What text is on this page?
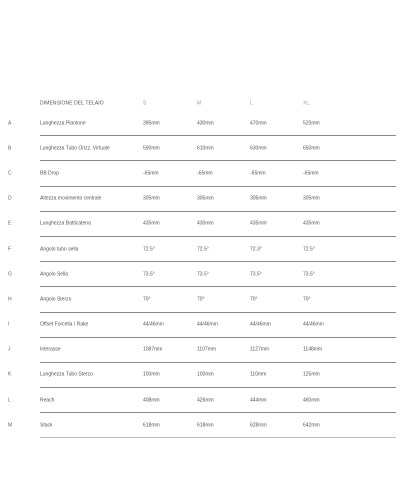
DIMENSIONE DEL TELAIO	S	M	L	XL
A	Lunghezza Piantone	395mm	430mm	470mm	520mm
B	Lunghezza Tubo Orizz. Virtuale	590mm	610mm	630mm	650mm
C	BB Drop	-65mm	-65mm	-65mm	-65mm
D	Altezza movimento centrale	305mm	305mm	305mm	305mm
E	Lunghezza Batticatena	435mm	430mm	435mm	435mm
F	Angolo tubo sella	72.5°	72.5°	72.3°	72.5°
G	Angolo Sella	73.5°	73.5°	73.5°	73.5°
H	Angolo Sterzo	70°	70°	70°	70°
I	Offset Forcella / Rake	44/46mm	44/46mm	44/46mm	44/46mm
J	Interasse	1087mm	1107mm	1127mm	1148mm
K	Lunghezza Tubo Sterzo	100mm	100mm	110mm	125mm
L	Reach	408mm	426mm	444mm	460mm
M	Stack	618mm	618mm	628mm	642mm
